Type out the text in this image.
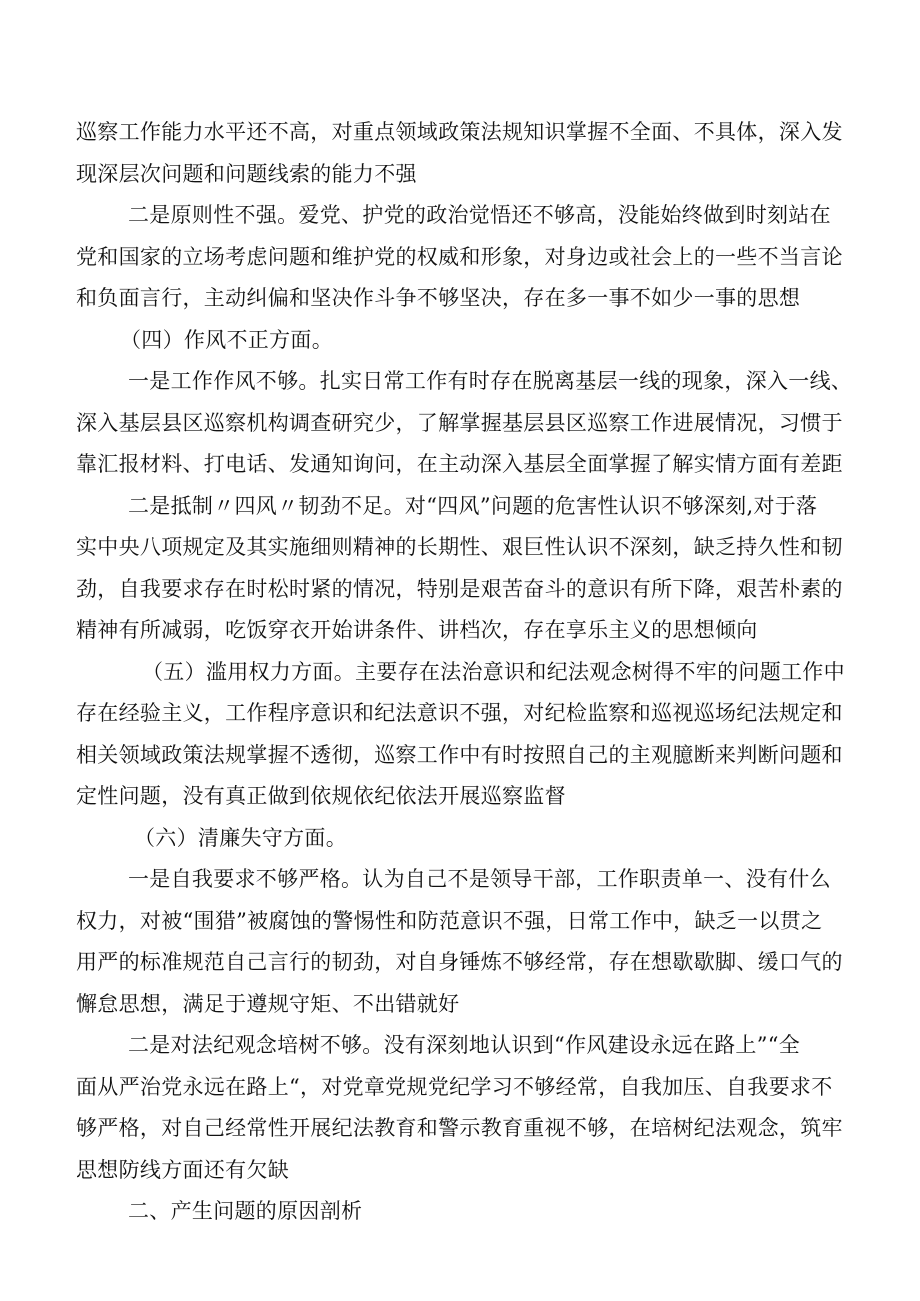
巡察工作能力水平还不高，对重点领域政策法规知识掌握不全面、不具体，深入发
现深层次问题和问题线索的能力不强
二是原则性不强。爱党、护党的政治觉悟还不够高，没能始终做到时刻站在
党和国家的立场考虑问题和维护党的权威和形象，对身边或社会上的一些不当言论
和负面言行，主动纠偏和坚决作斗争不够坚决，存在多一事不如少一事的思想
（四）作风不正方面。
一是工作作风不够。扎实日常工作有时存在脱离基层一线的现象，深入一线、
深入基层县区巡察机构调查研究少，了解掌握基层县区巡察工作进展情况，习惯于
靠汇报材料、打电话、发通知询问，在主动深入基层全面掌握了解实情方面有差距
二是抵制〃四风〃韧劲不足。对“四风”问题的危害性认识不够深刻,对于落
实中央八项规定及其实施细则精神的长期性、艰巨性认识不深刻，缺乏持久性和韧
劲，自我要求存在时松时紧的情况，特别是艰苦奋斗的意识有所下降，艰苦朴素的
精神有所减弱，吃饭穿衣开始讲条件、讲档次，存在享乐主义的思想倾向
（五）滥用权力方面。主要存在法治意识和纪法观念树得不牢的问题工作中
存在经验主义，工作程序意识和纪法意识不强，对纪检监察和巡视巡场纪法规定和
相关领域政策法规掌握不透彻，巡察工作中有时按照自己的主观臆断来判断问题和
定性问题，没有真正做到依规依纪依法开展巡察监督
（六）清廉失守方面。
一是自我要求不够严格。认为自己不是领导干部，工作职责单一、没有什么
权力，对被“围猎”被腐蚀的警惕性和防范意识不强，日常工作中，缺乏一以贯之
用严的标准规范自己言行的韧劲，对自身锤炼不够经常，存在想歇歇脚、缓口气的
懈怠思想，满足于遵规守矩、不出错就好
二是对法纪观念培树不够。没有深刻地认识到“作风建设永远在路上”“全
面从严治党永远在路上“，对党章党规党纪学习不够经常，自我加压、自我要求不
够严格，对自己经常性开展纪法教育和警示教育重视不够，在培树纪法观念，筑牢
思想防线方面还有欠缺
二、产生问题的原因剖析
